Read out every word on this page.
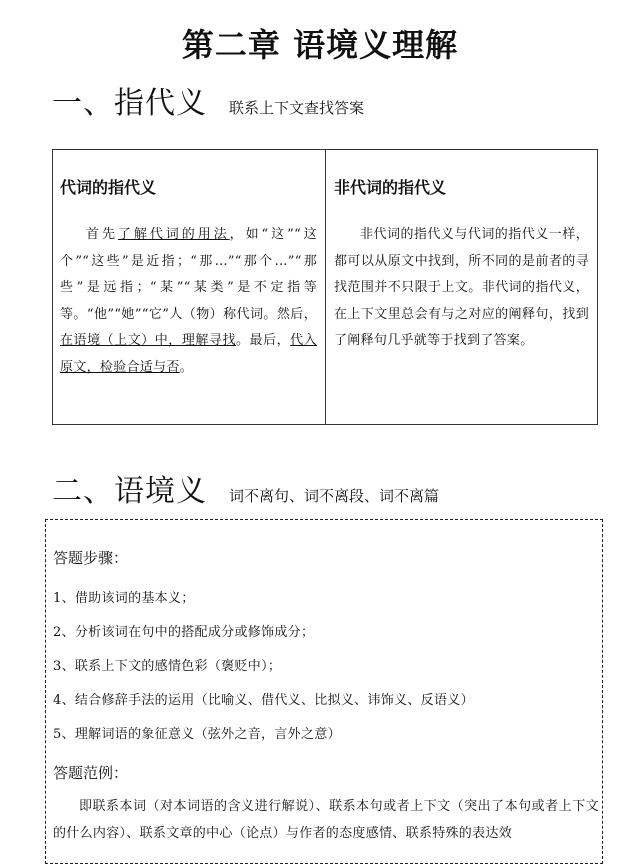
第二章 语境义理解
一、指代义 联系上下文查找答案
代词的指代义
首先了解代词的用法，如“这”“这个”“这些”是近指；“那…”“那个…”“那些”是远指；“某”“某类”是不定指等等。“他”“她”“它”人（物）称代词。然后，在语境（上文）中，理解寻找。最后，代入原文，检验合适与否。
非代词的指代义
非代词的指代义与代词的指代义一样，都可以从原文中找到，所不同的是前者的寻找范围并不只限于上文。非代词的指代义，在上下文里总会有与之对应的阐释句，找到了阐释句几乎就等于找到了答案。
二、语境义 词不离句、词不离段、词不离篇
答题步骤：
1、借助该词的基本义；
2、分析该词在句中的搭配成分或修饰成分；
3、联系上下文的感情色彩（褒贬中）；
4、结合修辞手法的运用（比喻义、借代义、比拟义、讳饰义、反语义）
5、理解词语的象征意义（弦外之音，言外之意）
答题范例：
即联系本词（对本词语的含义进行解说）、联系本句或者上下文（突出了本句或者上下文的什么内容）、联系文章的中心（论点）与作者的态度感情、联系特殊的表达效
